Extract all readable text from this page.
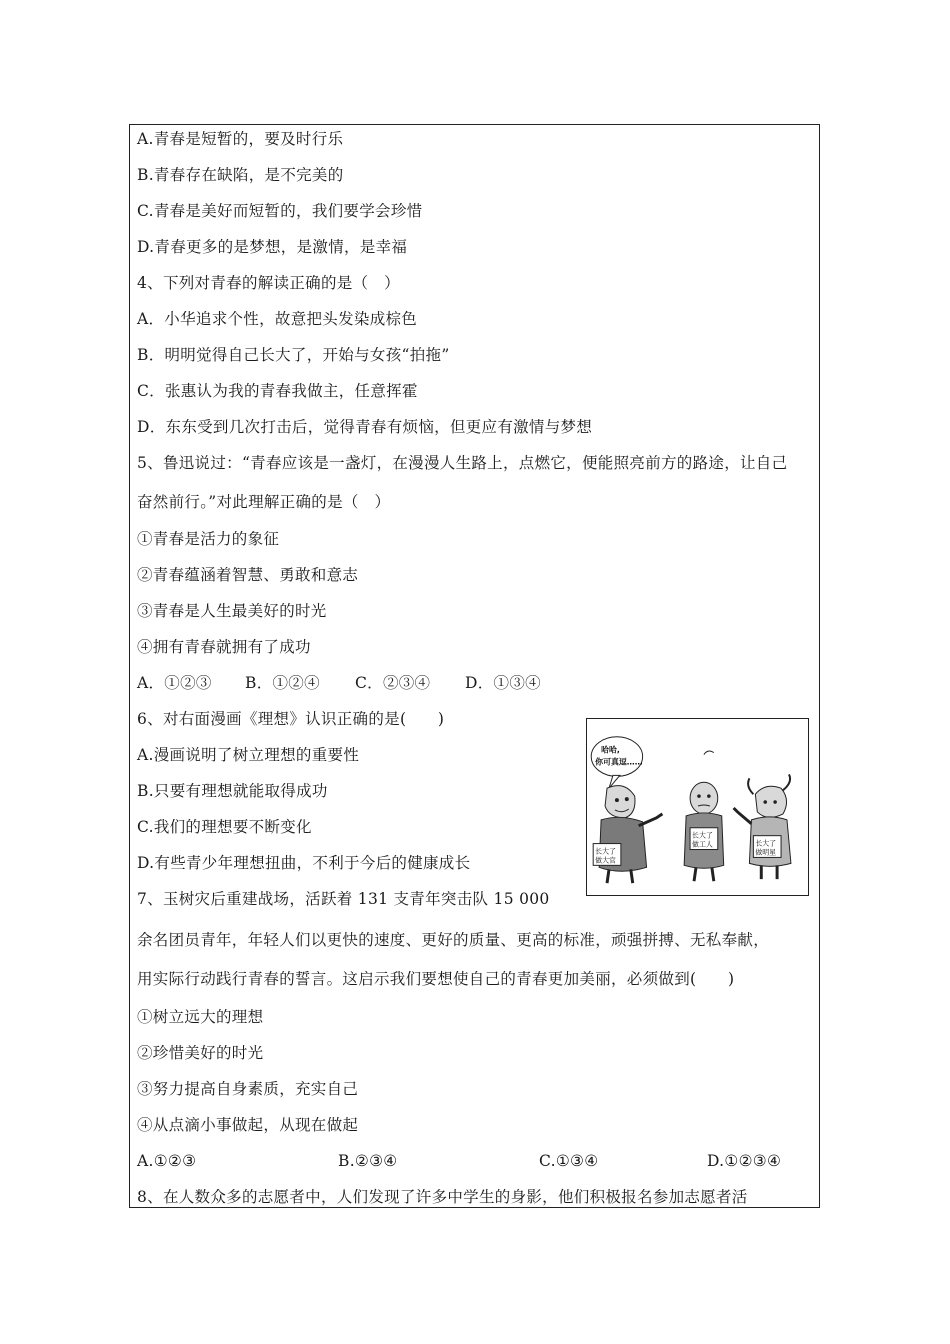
A.青春是短暂的，要及时行乐
B.青春存在缺陷，是不完美的
C.青春是美好而短暂的，我们要学会珍惜
D.青春更多的是梦想，是激情，是幸福
4、下列对青春的解读正确的是（　）
A．小华追求个性，故意把头发染成棕色
B．明明觉得自己长大了，开始与女孩“拍拖”
C．张惠认为我的青春我做主，任意挥霍
D．东东受到几次打击后，觉得青春有烦恼，但更应有激情与梦想
5、鲁迅说过：“青春应该是一盏灯，在漫漫人生路上，点燃它，便能照亮前方的路途，让自己
奋然前行。”对此理解正确的是（　）
①青春是活力的象征
②青春蕴涵着智慧、勇敢和意志
③青春是人生最美好的时光
④拥有青春就拥有了成功
A．①②③	B．①②④	C．②③④	D．①③④
6、对右面漫画《理想》认识正确的是(　　)
A.漫画说明了树立理想的重要性
B.只要有理想就能取得成功
C.我们的理想要不断变化
D.有些青少年理想扭曲，不利于今后的健康成长
7、玉树灾后重建战场，活跃着 131 支青年突击队 15 000
余名团员青年，年轻人们以更快的速度、更好的质量、更高的标准，顽强拼搏、无私奉献，
用实际行动践行青春的誓言。这启示我们要想使自己的青春更加美丽，必须做到(　　)
①树立远大的理想
②珍惜美好的时光
③努力提高自身素质，充实自己
④从点滴小事做起，从现在做起
A.①②③	B.②③④	C.①③④	D.①②③④
8、在人数众多的志愿者中，人们发现了许多中学生的身影，他们积极报名参加志愿者活
哈哈,
你可真逗……
长大了
做大官
长大了
做工人	长大了
做明星
